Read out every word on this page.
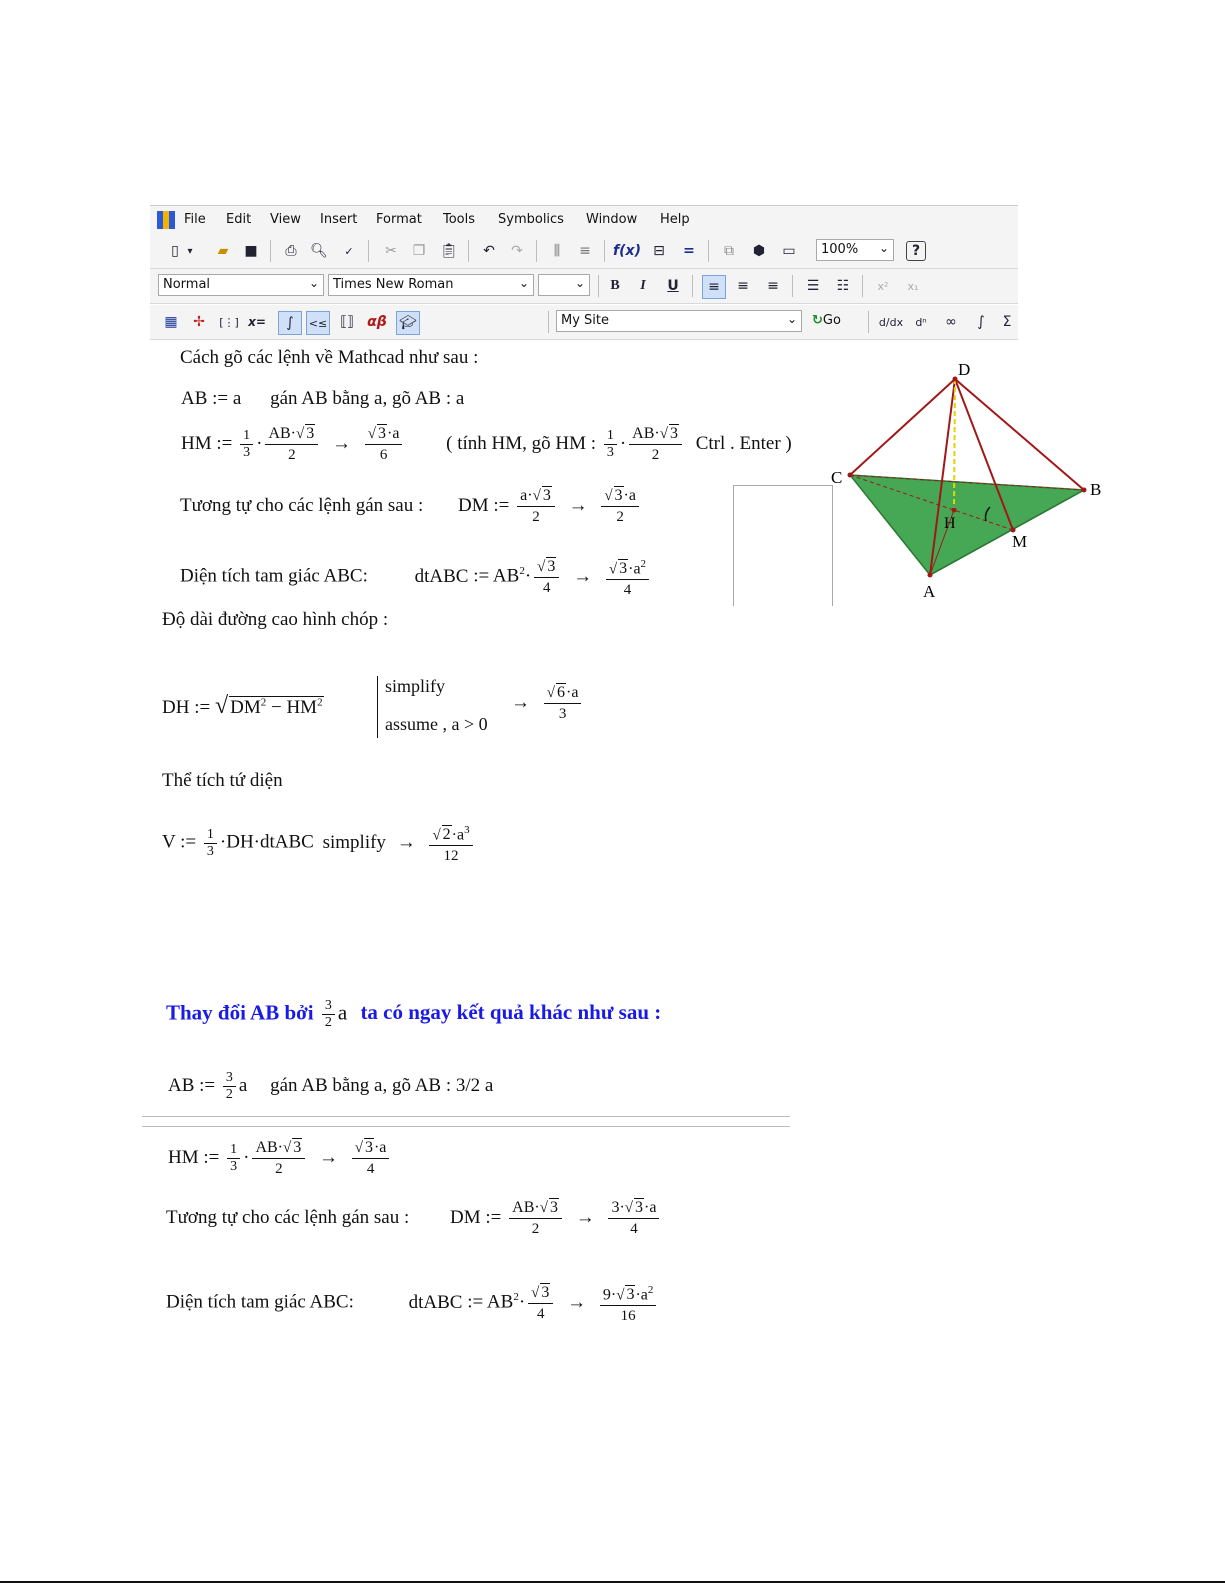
File Edit View Insert Format Tools Symbolics Window Help
▯ ▾	▰	■	⎙ 🔍︎	✓	✂	❐	📋︎	↶	↷	⫼	≡	f(x) ⊟	=	⧉	⬢	▭	100% ⌄	?
Normal	⌄	Times New Roman	⌄	⌄	B	I	U	≡	≡	≡	☰	☷	x²	x₁
▦	✢	[⋮] x=	∫	<≤ ⟦⟧ αβ 🎓︎	My Site	⌄ ↻Go	d/dx	dⁿ	∞	∫	Σ
Cách gõ các lệnh về Mathcad như sau :
AB := a gán AB bằng a, gõ AB : a
HM := $\frac{1}{3} \cdot \frac{AB\cdot√ 3}{2} \to \frac{√ 3\cdot a}{6}$ ( tính HM, gõ HM : $\frac{1}{3} \cdot \frac{AB\cdot√ 3}{2}$ Ctrl . Enter )
Tương tự cho các lệnh gán sau : DM := $\frac{a\cdot√ 3}{2} \to \frac{√ 3\cdot a}{2}$
Diện tích tam giác ABC: dtABC := $AB^2\cdot \frac{√ 3}{4} \to \frac{√ 3\cdot a^2}{4}$
D
C
B
H
M
A
Độ dài đường cao hình chóp :
DH := √ $DM^2 - HM^2$
simplify
assume , a > 0
→ $\frac{√ 6\cdot a}{3}$
Thể tích tứ diện
V := $\frac{1}{3}$ ·DH·dtABC simplify → $\frac{√ 2\cdot a^3}{12}$
Thay đổi AB bởi $\frac{3}{2}$ a ta có ngay kết quả khác như sau :
AB := $\frac{3}{2}$ a gán AB bằng a, gõ AB : 3/2 a
HM := $\frac{1}{3} \cdot \frac{AB\cdot√ 3}{2} \to \frac{√ 3\cdot a}{4}$
Tương tự cho các lệnh gán sau : DM := $\frac{AB\cdot√ 3}{2} \to \frac{3\cdot√ 3\cdot a}{4}$
Diện tích tam giác ABC:	dtABC := $AB^2\cdot \frac{√ 3}{4} \to \frac{9\cdot√ 3\cdot a^2}{16}$
